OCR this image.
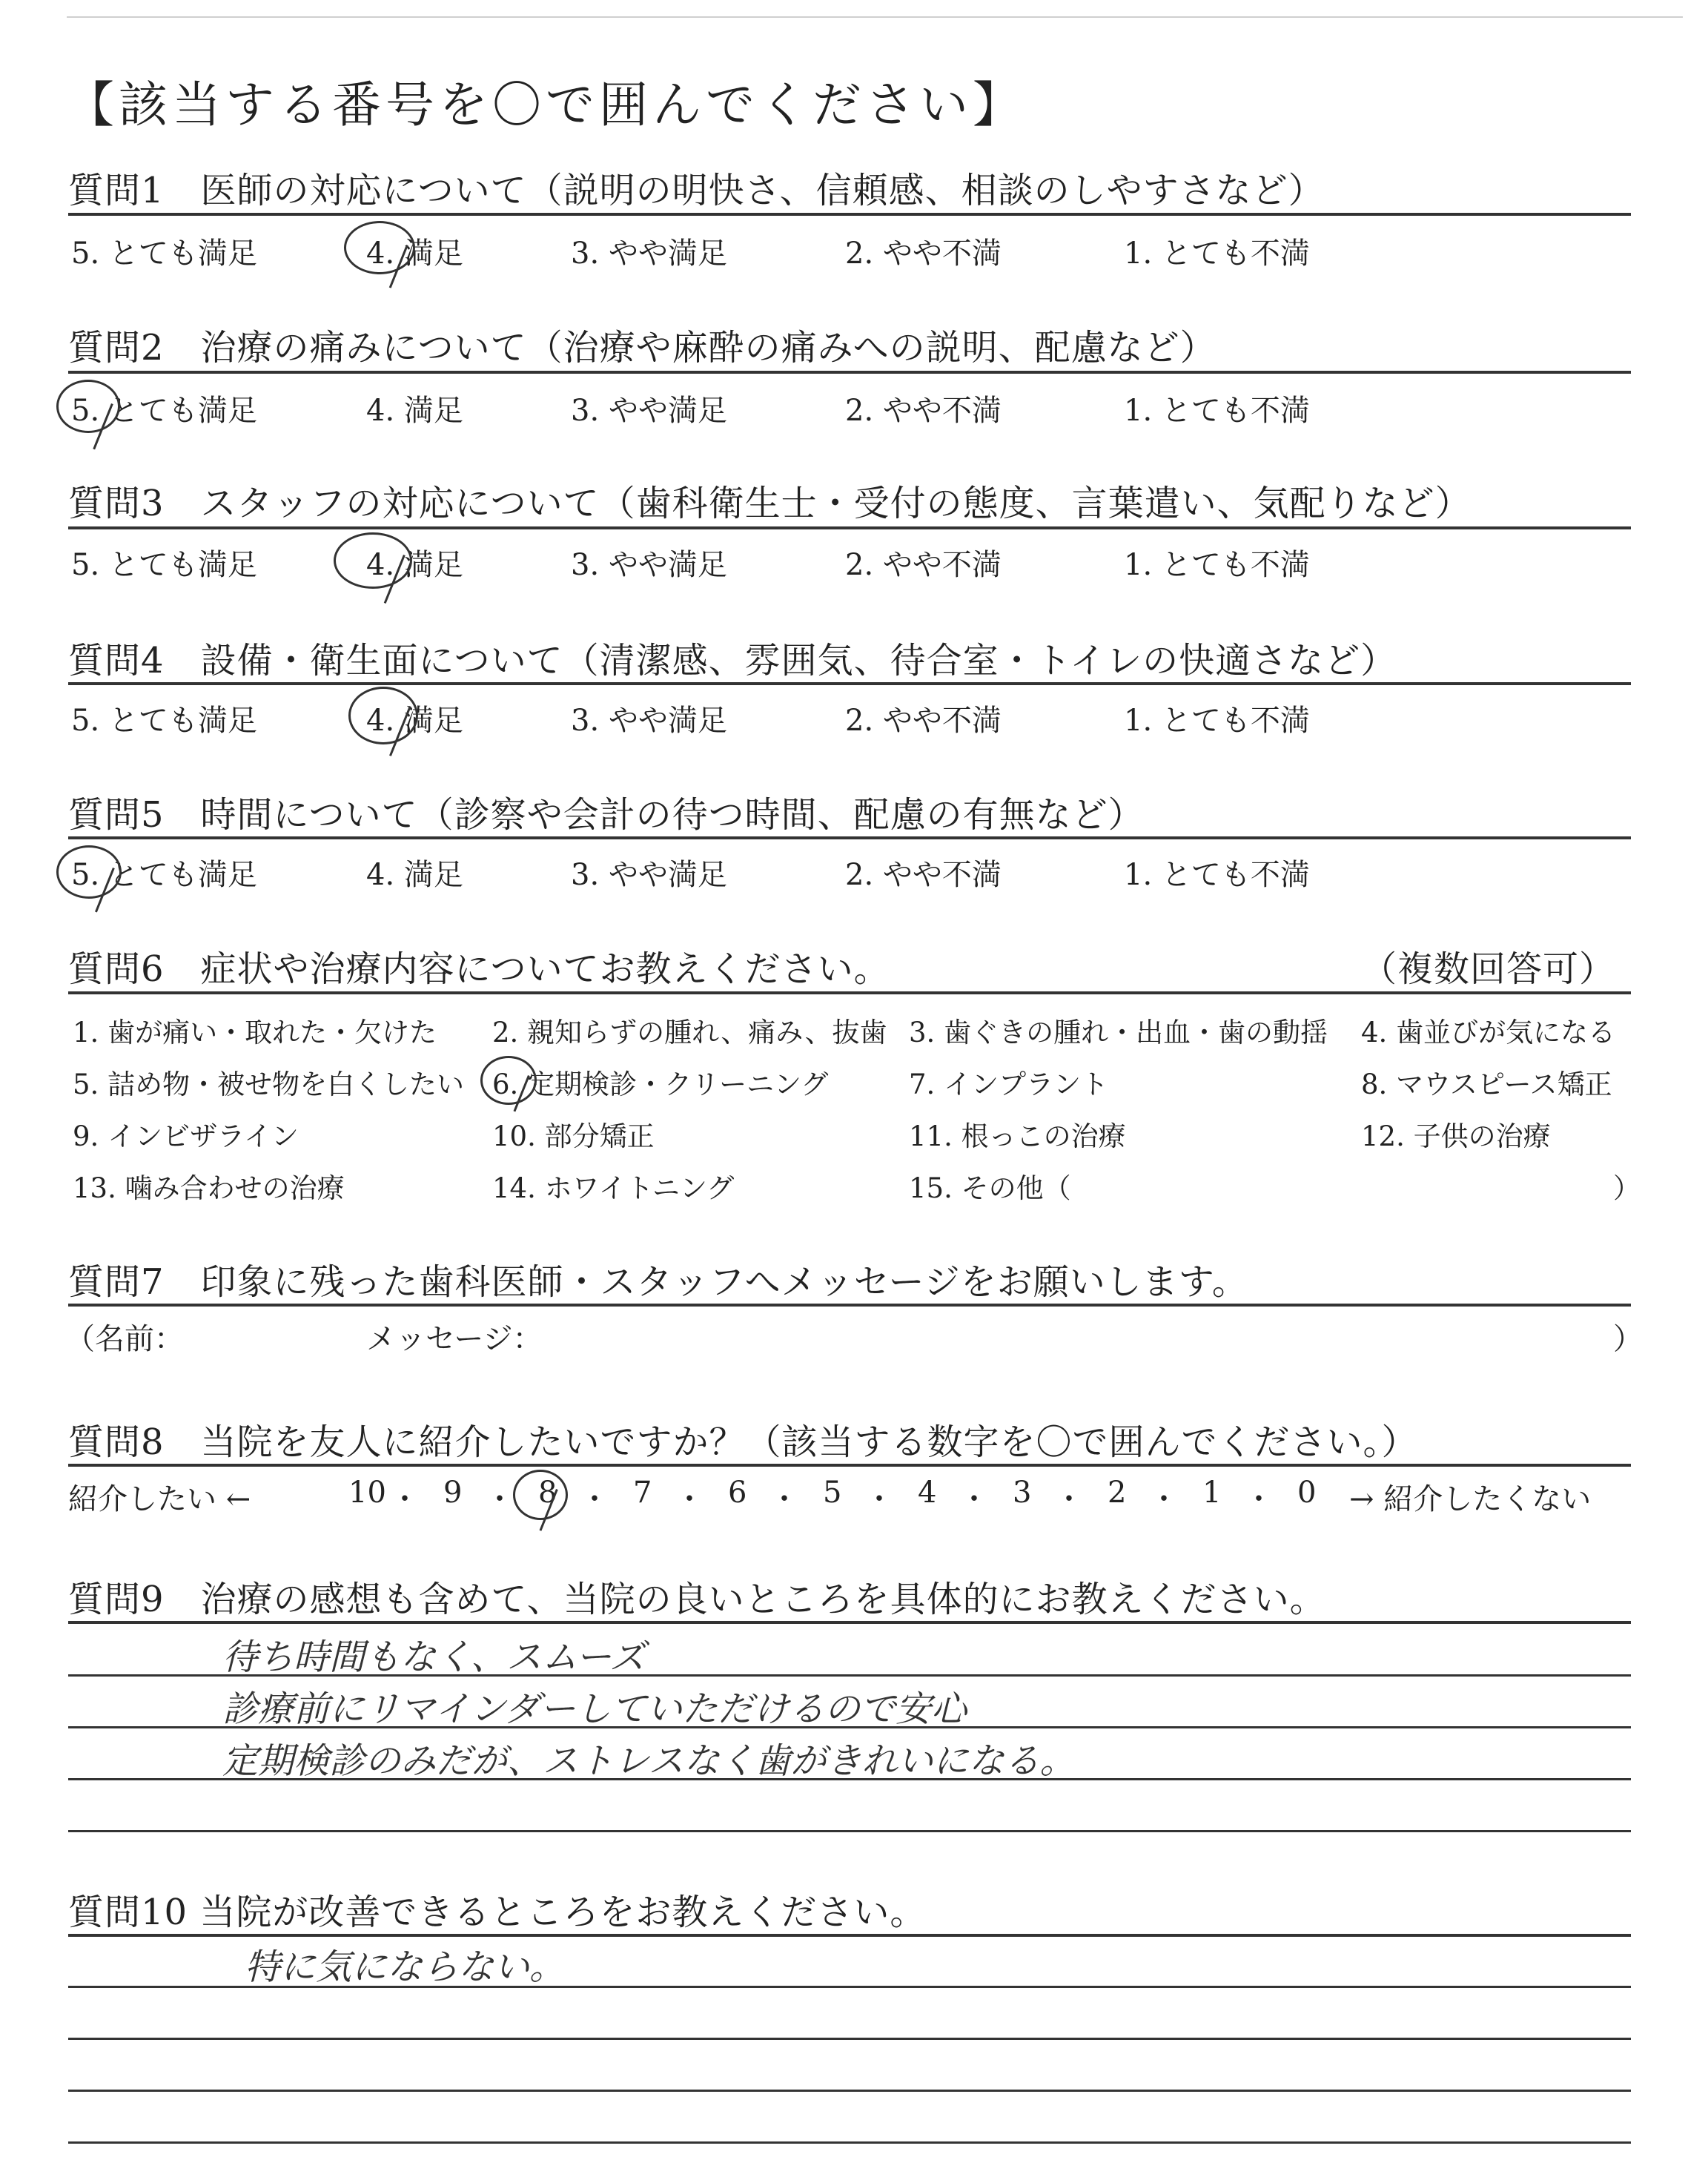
【該当する番号を〇で囲んでください】
質問1　医師の対応について（説明の明快さ、信頼感、相談のしやすさなど）
5. とても満足	4. 満足	3. やや満足	2. やや不満	1. とても不満
質問2　治療の痛みについて（治療や麻酔の痛みへの説明、配慮など）
5. とても満足	4. 満足	3. やや満足	2. やや不満	1. とても不満
質問3　スタッフの対応について（歯科衛生士・受付の態度、言葉遣い、気配りなど）
5. とても満足	4. 満足	3. やや満足	2. やや不満	1. とても不満
質問4　設備・衛生面について（清潔感、雰囲気、待合室・トイレの快適さなど）
5. とても満足	4. 満足	3. やや満足	2. やや不満	1. とても不満
質問5　時間について（診察や会計の待つ時間、配慮の有無など）
5. とても満足	4. 満足	3. やや満足	2. やや不満	1. とても不満
質問6　症状や治療内容についてお教えください。	（複数回答可）
1. 歯が痛い・取れた・欠けた 2. 親知らずの腫れ、痛み、抜歯 3. 歯ぐきの腫れ・出血・歯の動揺 4. 歯並びが気になる
5. 詰め物・被せ物を白くしたい 6. 定期検診・クリーニング	7. インプラント	8. マウスピース矯正
9. インビザライン	10. 部分矯正	11. 根っこの治療	12. 子供の治療
13. 噛み合わせの治療	14. ホワイトニング	15. その他（	）
質問7　印象に残った歯科医師・スタッフへメッセージをお願いします。
（名前：	メッセージ：	）
質問8　当院を友人に紹介したいですか？（該当する数字を〇で囲んでください。）
紹介したい ←	10 ・ 9 ・ 8 ・ 7 ・ 6 ・ 5 ・ 4 ・ 3 ・ 2 ・ 1 ・ 0 → 紹介したくない
質問9　治療の感想も含めて、当院の良いところを具体的にお教えください。
待ち時間もなく、スムーズ
診療前にリマインダーしていただけるので安心
定期検診のみだが、ストレスなく歯がきれいになる。
質問10 当院が改善できるところをお教えください。
特に気にならない。
